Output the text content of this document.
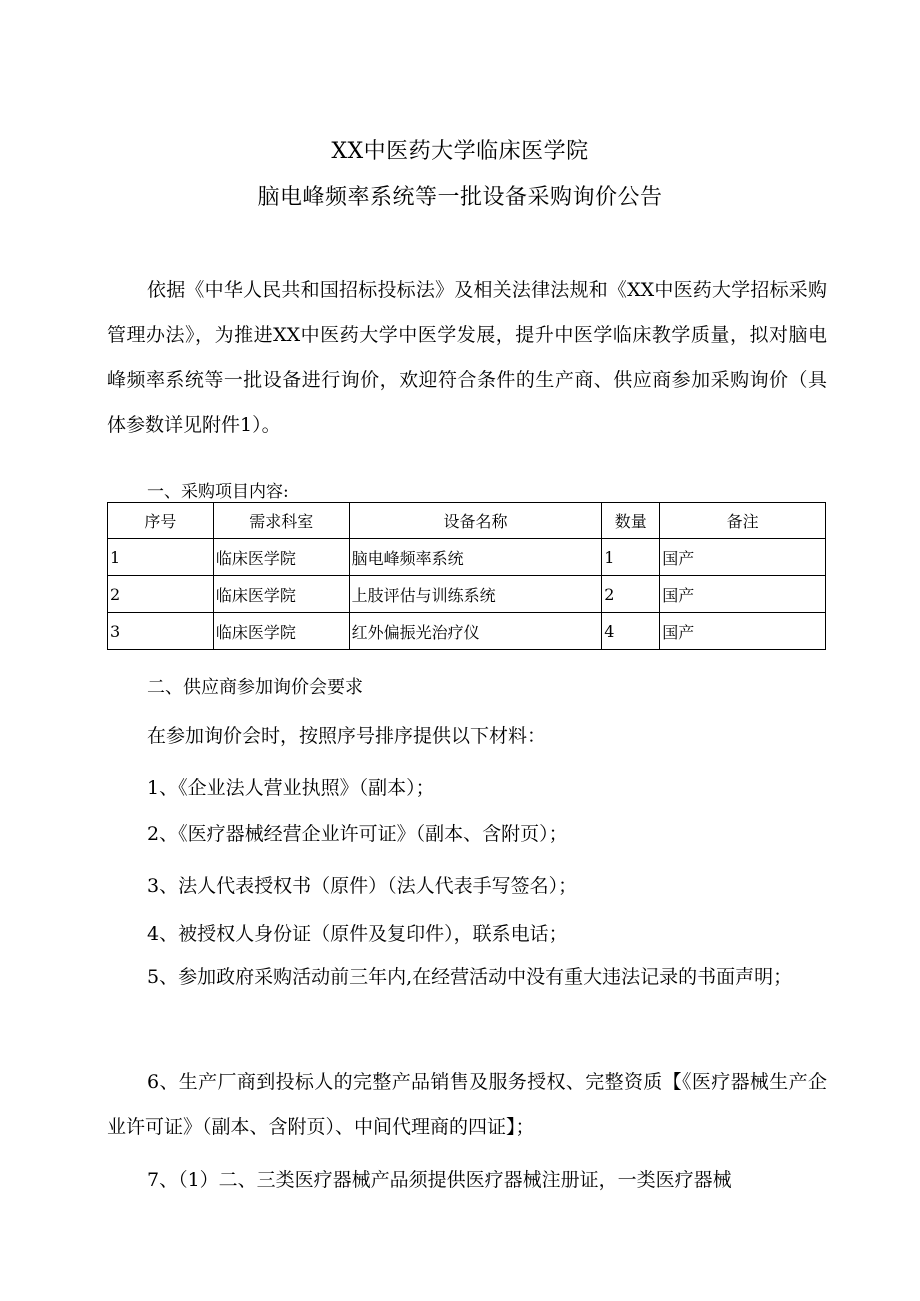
XX中医药大学临床医学院
脑电峰频率系统等一批设备采购询价公告
依据《中华人民共和国招标投标法》及相关法律法规和《XX中医药大学招标采购管理办法》，为推进XX中医药大学中医学发展，提升中医学临床教学质量，拟对脑电峰频率系统等一批设备进行询价，欢迎符合条件的生产商、供应商参加采购询价（具体参数详见附件1）。
一、采购项目内容:
序号	需求科室	设备名称	数量	备注
1	临床医学院	脑电峰频率系统	1	国产
2	临床医学院	上肢评估与训练系统	2	国产
3	临床医学院	红外偏振光治疗仪	4	国产
二、供应商参加询价会要求
在参加询价会时，按照序号排序提供以下材料：
1、《企业法人营业执照》（副本）；
2、《医疗器械经营企业许可证》（副本、含附页）；
3、法人代表授权书（原件）（法人代表手写签名）；
4、被授权人身份证（原件及复印件），联系电话；
5、参加政府采购活动前三年内,在经营活动中没有重大违法记录的书面声明；
6、生产厂商到投标人的完整产品销售及服务授权、完整资质【《医疗器械生产企业许可证》（副本、含附页）、中间代理商的四证】；
7、（1）二、三类医疗器械产品须提供医疗器械注册证，一类医疗器械
